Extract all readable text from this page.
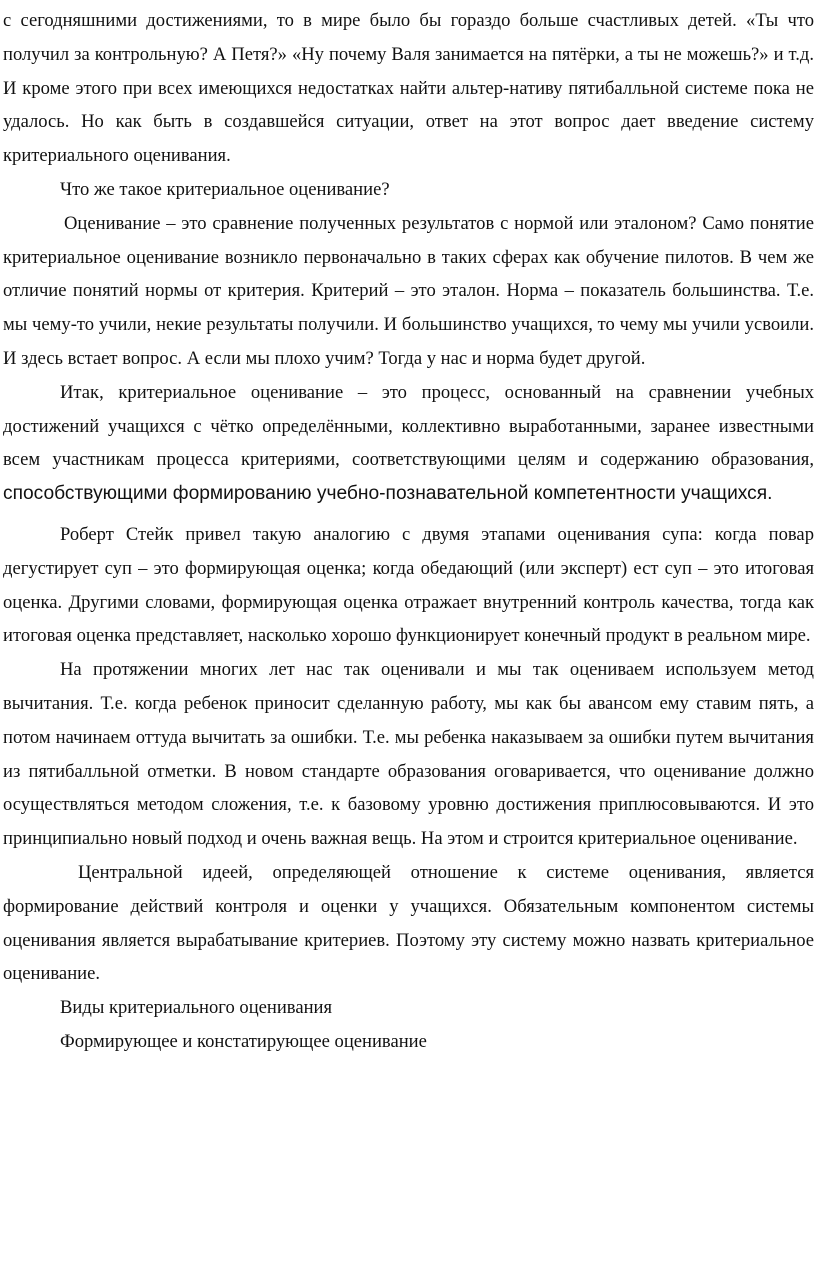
с сегодняшними достижениями, то в мире было бы гораздо больше счастливых детей. «Ты что получил за контрольную? А Петя?» «Ну почему Валя занимается на пятёрки, а ты не можешь?» и т.д. И кроме этого при всех имеющихся недостатках найти альтер-нативу пятибалльной системе пока не удалось. Но как быть в создавшейся ситуации, ответ на этот вопрос дает введение систему критериального оценивания.

Что же такое критериальное оценивание?

Оценивание – это сравнение полученных результатов с нормой или эталоном? Само понятие критериальное оценивание возникло первоначально в таких сферах как обучение пилотов. В чем же отличие понятий нормы от критерия. Критерий – это эталон. Норма – показатель большинства. Т.е. мы чему-то учили, некие результаты получили. И большинство учащихся, то чему мы учили усвоили. И здесь встает вопрос. А если мы плохо учим? Тогда у нас и норма будет другой.

Итак, критериальное оценивание – это процесс, основанный на сравнении учебных достижений учащихся с чётко определёнными, коллективно выработанными, заранее известными всем участникам процесса критериями, соответствующими целям и содержанию образования, способствующими формированию учебно-познавательной компетентности учащихся.

Роберт Стейк привел такую аналогию с двумя этапами оценивания супа: когда повар дегустирует суп – это формирующая оценка; когда обедающий (или эксперт) ест суп – это итоговая оценка. Другими словами, формирующая оценка отражает внутренний контроль качества, тогда как итоговая оценка представляет, насколько хорошо функционирует конечный продукт в реальном мире.

На протяжении многих лет нас так оценивали и мы так оцениваем используем метод вычитания. Т.е. когда ребенок приносит сделанную работу, мы как бы авансом ему ставим пять, а потом начинаем оттуда вычитать за ошибки. Т.е. мы ребенка наказываем за ошибки путем вычитания из пятибалльной отметки. В новом стандарте образования оговаривается, что оценивание должно осуществляться методом сложения, т.е. к базовому уровню достижения приплюсовываются. И это принципиально новый подход и очень важная вещь. На этом и строится критериальное оценивание.

Центральной идеей, определяющей отношение к системе оценивания, является формирование действий контроля и оценки у учащихся. Обязательным компонентом системы оценивания является вырабатывание критериев. Поэтому эту систему можно назвать критериальное оценивание.

Виды критериального оценивания

Формирующее и констатирующее оценивание
